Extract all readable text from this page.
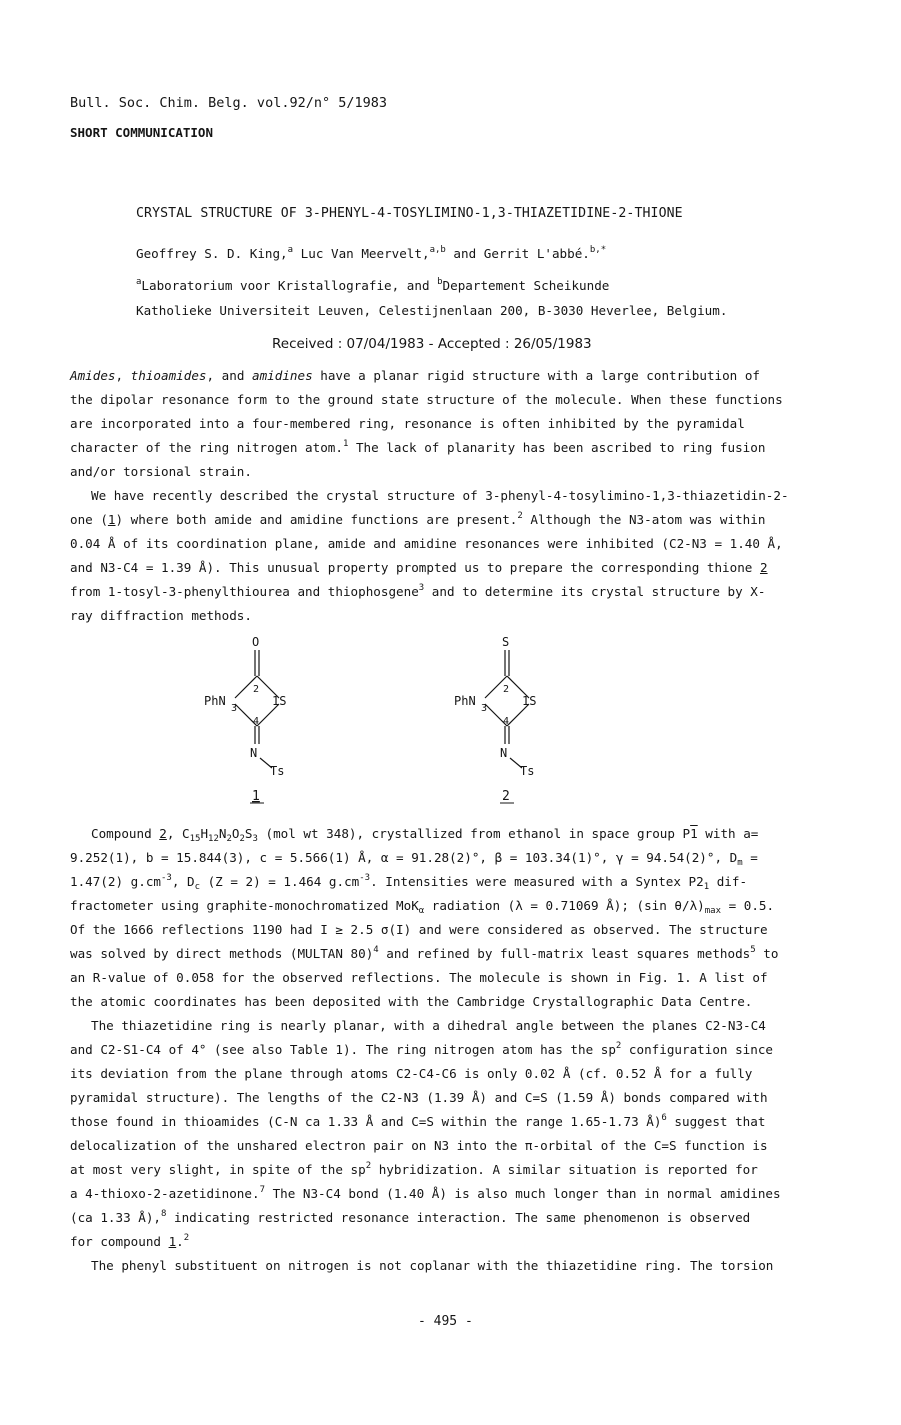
Bull. Soc. Chim. Belg. vol.92/n° 5/1983
SHORT COMMUNICATION
CRYSTAL STRUCTURE OF 3-PHENYL-4-TOSYLIMINO-1,3-THIAZETIDINE-2-THIONE
Geoffrey S. D. King,$^a$ Luc Van Meervelt,$^{a,b}$ and Gerrit L'abbé.$^{b,*}$
$^a$Laboratorium voor Kristallografie, and $^b$Departement Scheikunde
Katholieke Universiteit Leuven, Celestijnenlaan 200, B-3030 Heverlee, Belgium.
Received : 07/04/1983 - Accepted : 26/05/1983
Amides, thioamides, and amidines have a planar rigid structure with a large contribution of
the dipolar resonance form to the ground state structure of the molecule. When these functions
are incorporated into a four-membered ring, resonance is often inhibited by the pyramidal
character of the ring nitrogen atom.$^1$ The lack of planarity has been ascribed to ring fusion
and/or torsional strain.
We have recently described the crystal structure of 3-phenyl-4-tosylimino-1,3-thiazetidin-2-
one (1) where both amide and amidine functions are present.$^2$ Although the N3-atom was within
0.04 Å of its coordination plane, amide and amidine resonances were inhibited (C2-N3 = 1.40 Å,
and N3-C4 = 1.39 Å). This unusual property prompted us to prepare the corresponding thione 2
from 1-tosyl-3-phenylthiourea and thiophosgene$^3$ and to determine its crystal structure by X-
ray diffraction methods.
O
PhN
3
2
1S
4
N
Ts
1
S
PhN
3
2
1S
4
N
Ts
2
Compound 2, $C_{15}H_{12}N_2O_2S_3$ (mol wt 348), crystallized from ethanol in space group P1 with a=
9.252(1), b = 15.844(3), c = 5.566(1) Å, α = 91.28(2)°, β = 103.34(1)°, γ = 94.54(2)°, $D_m$ =
1.47(2) $g.cm^{-3}$, $D_c$ (Z = 2) = 1.464 $g.cm^{-3}$. Intensities were measured with a Syntex $P2_1$ dif-
fractometer using graphite-monochromatized MoK$_\alpha$ radiation (λ = 0.71069 Å); (sin $\theta/\lambda)_{max} = 0.5$.
Of the 1666 reflections 1190 had I ≥ 2.5 σ(I) and were considered as observed. The structure
was solved by direct methods (MULTAN 80)$^4$ and refined by full-matrix least squares methods$^5$ to
an R-value of 0.058 for the observed reflections. The molecule is shown in Fig. 1. A list of
the atomic coordinates has been deposited with the Cambridge Crystallographic Data Centre.
The thiazetidine ring is nearly planar, with a dihedral angle between the planes C2-N3-C4
and C2-S1-C4 of 4° (see also Table 1). The ring nitrogen atom has the $sp^2$ configuration since
its deviation from the plane through atoms C2-C4-C6 is only 0.02 Å (cf. 0.52 Å for a fully
pyramidal structure). The lengths of the C2-N3 (1.39 Å) and C=S (1.59 Å) bonds compared with
those found in thioamides (C-N ca 1.33 Å and C=S within the range 1.65-1.73 Å)$^6$ suggest that
delocalization of the unshared electron pair on N3 into the π-orbital of the C=S function is
at most very slight, in spite of the $sp^2$ hybridization. A similar situation is reported for
a 4-thioxo-2-azetidinone.$^7$ The N3-C4 bond (1.40 Å) is also much longer than in normal amidines
(ca 1.33 Å),$^8$ indicating restricted resonance interaction. The same phenomenon is observed
for compound 1.$^2$
The phenyl substituent on nitrogen is not coplanar with the thiazetidine ring. The torsion
- 495 -
